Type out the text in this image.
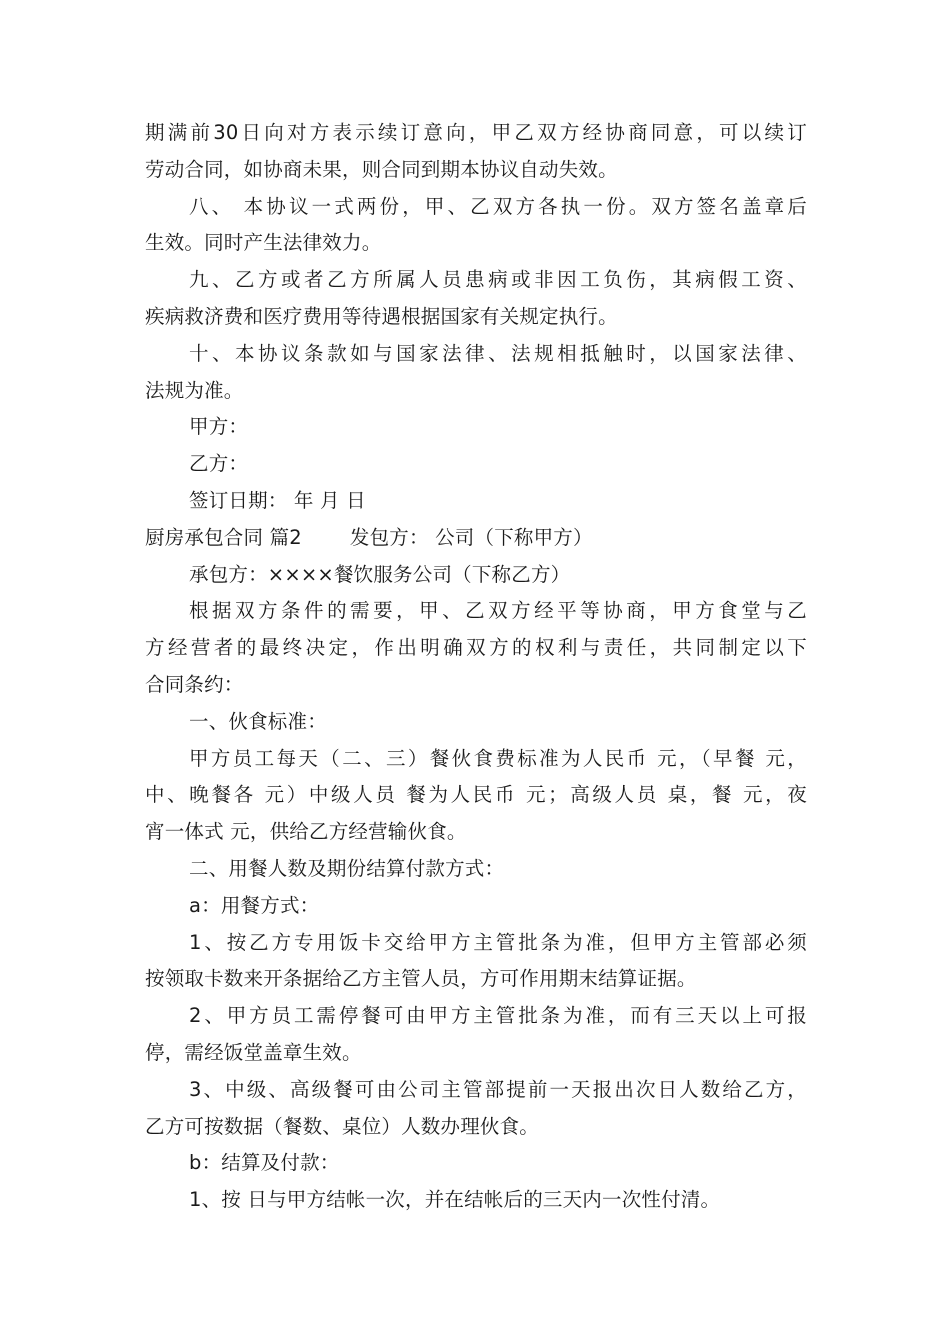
期满前30日向对方表示续订意向，甲乙双方经协商同意，可以续订
劳动合同，如协商未果，则合同到期本协议自动失效。
八、 本协议一式两份，甲、乙双方各执一份。双方签名盖章后
生效。同时产生法律效力。
九、乙方或者乙方所属人员患病或非因工负伤，其病假工资、
疾病救济费和医疗费用等待遇根据国家有关规定执行。
十、本协议条款如与国家法律、法规相抵触时，以国家法律、
法规为准。
甲方：
乙方：
签订日期： 年 月 日
厨房承包合同 篇2 发包方： 公司（下称甲方）
承包方：××××餐饮服务公司（下称乙方）
根据双方条件的需要，甲、乙双方经平等协商，甲方食堂与乙
方经营者的最终决定，作出明确双方的权利与责任，共同制定以下
合同条约：
一、伙食标准：
甲方员工每天（二、三）餐伙食费标准为人民币 元，（早餐 元，
中、晚餐各 元）中级人员 餐为人民币 元；高级人员 桌，餐 元，夜
宵一体式 元，供给乙方经营输伙食。
二、用餐人数及期份结算付款方式：
a：用餐方式：
1、按乙方专用饭卡交给甲方主管批条为准，但甲方主管部必须
按领取卡数来开条据给乙方主管人员，方可作用期末结算证据。
2、甲方员工需停餐可由甲方主管批条为准，而有三天以上可报
停，需经饭堂盖章生效。
3、中级、高级餐可由公司主管部提前一天报出次日人数给乙方，
乙方可按数据（餐数、桌位）人数办理伙食。
b：结算及付款：
1、按 日与甲方结帐一次，并在结帐后的三天内一次性付清。
